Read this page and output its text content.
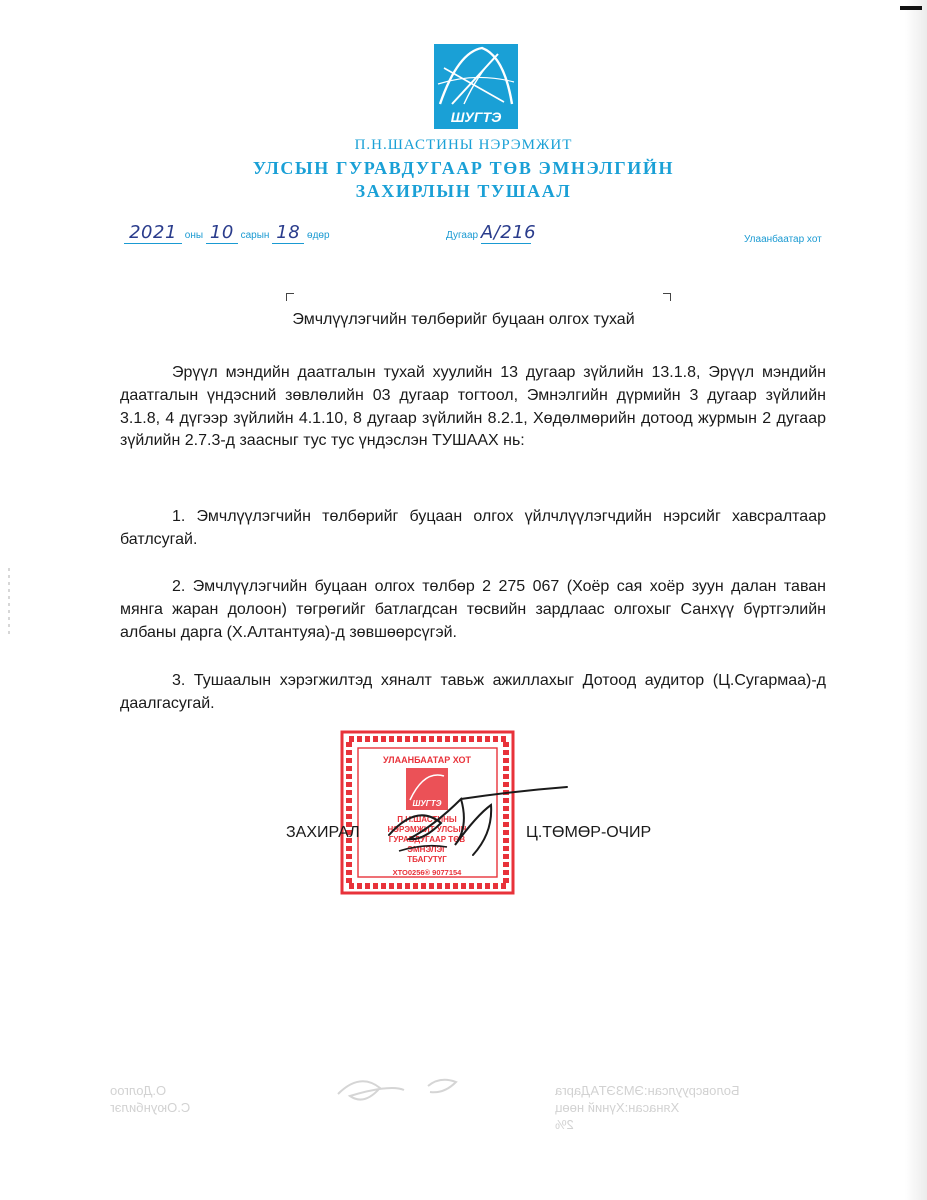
ШУГТЭ
П.Н.ШАСТИНЫ НЭРЭМЖИТ
УЛСЫН ГУРАВДУГААР ТӨВ ЭМНЭЛГИЙН
ЗАХИРЛЫН ТУШААЛ
2021 оны 10 сарын 18 өдөр	Дугаар А/216	Улаанбаатар хот
Эмчлүүлэгчийн төлбөрийг буцаан олгох тухай
Эрүүл мэндийн даатгалын тухай хуулийн 13 дугаар зүйлийн 13.1.8, Эрүүл мэндийн даатгалын үндэсний зөвлөлийн 03 дугаар тогтоол, Эмнэлгийн дүрмийн 3 дугаар зүйлийн 3.1.8, 4 дүгээр зүйлийн 4.1.10, 8 дугаар зүйлийн 8.2.1, Хөдөлмөрийн дотоод журмын 2 дугаар зүйлийн 2.7.3-д заасныг тус тус үндэслэн ТУШААХ нь:
1. Эмчлүүлэгчийн төлбөрийг буцаан олгох үйлчлүүлэгчдийн нэрсийг хавсралтаар батлсугай.
2. Эмчлүүлэгчийн буцаан олгох төлбөр 2 275 067 (Хоёр сая хоёр зуун далан таван мянга жаран долоон) төгрөгийг батлагдсан төсвийн зардлаас олгохыг Санхүү бүртгэлийн албаны дарга (Х.Алтантуяа)-д зөвшөөрсүгэй.
3. Тушаалын хэрэгжилтэд хяналт тавьж ажиллахыг Дотоод аудитор (Ц.Сугармаа)-д даалгасугай.
УЛААНБААТАР ХОТ
ШУГТЭ
П.Н.ШАСТИНЫ
НЭРЭМЖИТ УЛСЫН
ГУРАВДУГААР ТӨВ
ЭМНЭЛЭГ
ТБАГУТҮГ
ХТО0256® 9077154
ЗАХИРАЛ	Ц.ТӨМӨР-ОЧИР
Боловсруулсан:ЭМЗЭТАДарга
Хянасан:Хүний нөөц
2%
О.Долгоо
С.Оюунбилэг
